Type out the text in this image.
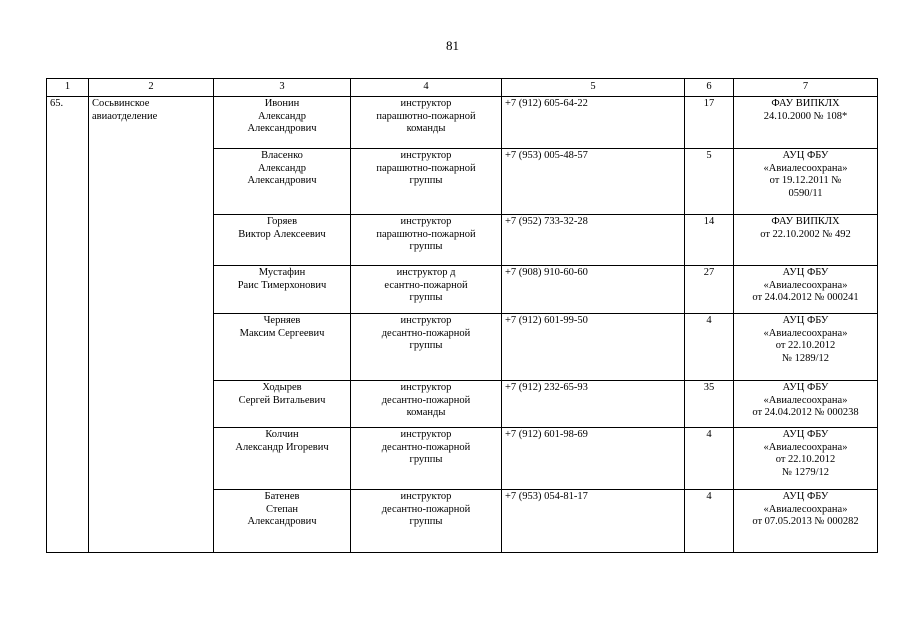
81
1	2	3	4	5	6	7

65.	Сосьвинское
авиаотделение	Ивонин
Александр
Александрович	инструктор
парашютно-пожарной
команды	+7 (912) 605-64-22	17	ФАУ ВИПКЛХ
24.10.2000 № 108*

		Власенко
Александр
Александрович	инструктор
парашютно-пожарной
группы	+7 (953) 005-48-57	5	АУЦ ФБУ
«Авиалесоохрана»
от 19.12.2011 №
0590/11

		Горяев
Виктор Алексеевич	инструктор
парашютно-пожарной
группы	+7 (952) 733-32-28	14	ФАУ ВИПКЛХ
от 22.10.2002 № 492

		Мустафин
Раис Тимерхонович	инструктор д
есантно-пожарной
группы	+7 (908) 910-60-60	27	АУЦ ФБУ
«Авиалесоохрана»
от 24.04.2012 № 000241

		Черняев
Максим Сергеевич	инструктор
десантно-пожарной
группы	+7 (912) 601-99-50	4	АУЦ ФБУ
«Авиалесоохрана»
от 22.10.2012
№ 1289/12

		Ходырев
Сергей Витальевич	инструктор
десантно-пожарной
команды	+7 (912) 232-65-93	35	АУЦ ФБУ
«Авиалесоохрана»
от 24.04.2012 № 000238

		Колчин
Александр Игоревич	инструктор
десантно-пожарной
группы	+7 (912) 601-98-69	4	АУЦ ФБУ
«Авиалесоохрана»
от 22.10.2012
№ 1279/12

		Батенев
Степан
Александрович	инструктор
десантно-пожарной
группы	+7 (953) 054-81-17	4	АУЦ ФБУ
«Авиалесоохрана»
от 07.05.2013 № 000282
